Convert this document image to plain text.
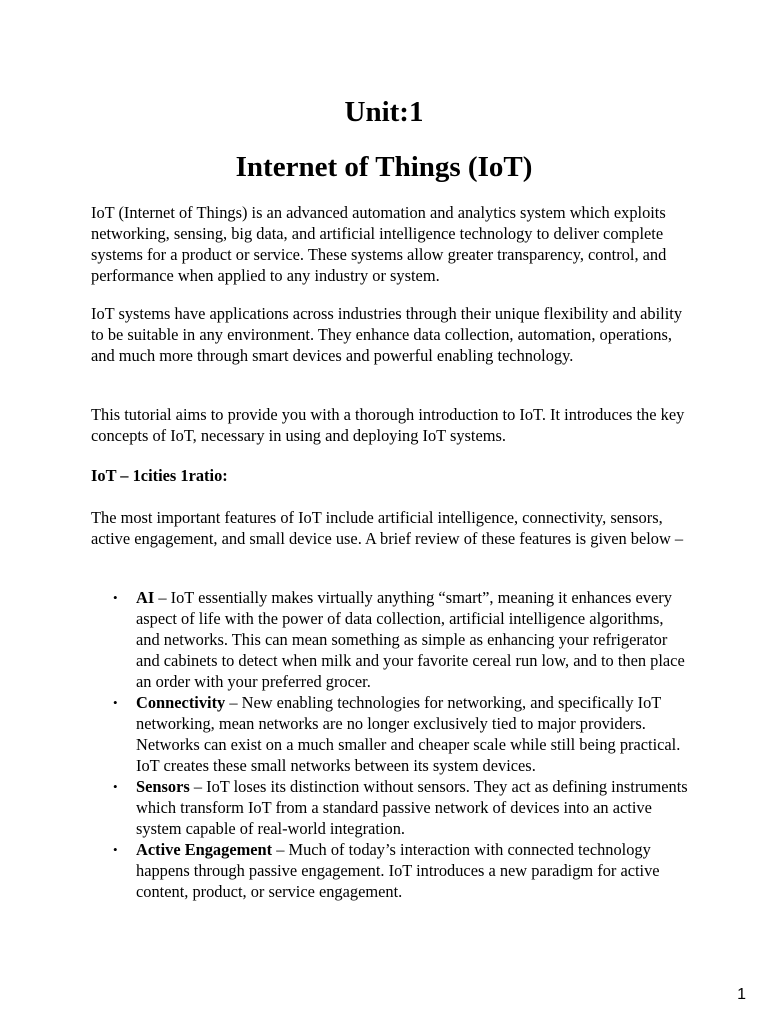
Unit:1
Internet of Things (IoT)

IoT (Internet of Things) is an advanced automation and analytics system which exploits networking, sensing, big data, and artificial intelligence technology to deliver complete systems for a product or service. These systems allow greater transparency, control, and performance when applied to any industry or system.

IoT systems have applications across industries through their unique flexibility and ability to be suitable in any environment. They enhance data collection, automation, operations, and much more through smart devices and powerful enabling technology.

This tutorial aims to provide you with a thorough introduction to IoT. It introduces the key concepts of IoT, necessary in using and deploying IoT systems.

IoT – 1cities 1ratio:

The most important features of IoT include artificial intelligence, connectivity, sensors, active engagement, and small device use. A brief review of these features is given below –

• AI – IoT essentially makes virtually anything “smart”, meaning it enhances every aspect of life with the power of data collection, artificial intelligence algorithms, and networks. This can mean something as simple as enhancing your refrigerator and cabinets to detect when milk and your favorite cereal run low, and to then place an order with your preferred grocer.
• Connectivity – New enabling technologies for networking, and specifically IoT networking, mean networks are no longer exclusively tied to major providers. Networks can exist on a much smaller and cheaper scale while still being practical. IoT creates these small networks between its system devices.
• Sensors – IoT loses its distinction without sensors. They act as defining instruments which transform IoT from a standard passive network of devices into an active system capable of real-world integration.
• Active Engagement – Much of today’s interaction with connected technology happens through passive engagement. IoT introduces a new paradigm for active content, product, or service engagement.
1
